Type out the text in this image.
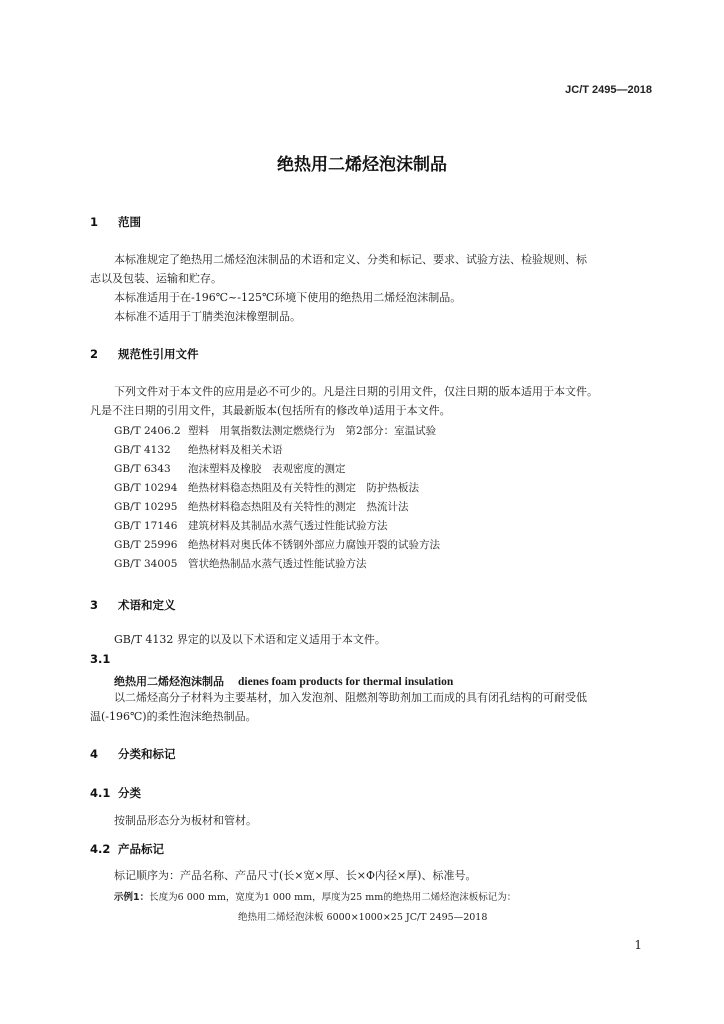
JC/T 2495—2018
绝热用二烯烃泡沫制品
1 范围
本标准规定了绝热用二烯烃泡沫制品的术语和定义、分类和标记、要求、试验方法、检验规则、标
志以及包装、运输和贮存。
本标准适用于在-196℃~-125℃环境下使用的绝热用二烯烃泡沫制品。
本标准不适用于丁腈类泡沫橡塑制品。
2 规范性引用文件
下列文件对于本文件的应用是必不可少的。凡是注日期的引用文件，仅注日期的版本适用于本文件。
凡是不注日期的引用文件，其最新版本(包括所有的修改单)适用于本文件。
GB/T 2406.2 塑料　用氧指数法测定燃烧行为　第2部分：室温试验
GB/T 4132 绝热材料及相关术语
GB/T 6343 泡沫塑料及橡胶　表观密度的测定
GB/T 10294 绝热材料稳态热阻及有关特性的测定　防护热板法
GB/T 10295 绝热材料稳态热阻及有关特性的测定　热流计法
GB/T 17146 建筑材料及其制品水蒸气透过性能试验方法
GB/T 25996 绝热材料对奥氏体不锈钢外部应力腐蚀开裂的试验方法
GB/T 34005 管状绝热制品水蒸气透过性能试验方法
3 术语和定义
GB/T 4132 界定的以及以下术语和定义适用于本文件。
3.1
绝热用二烯烃泡沫制品 dienes foam products for thermal insulation
以二烯烃高分子材料为主要基材，加入发泡剂、阻燃剂等助剂加工而成的具有闭孔结构的可耐受低
温(-196℃)的柔性泡沫绝热制品。
4 分类和标记
4.1 分类
按制品形态分为板材和管材。
4.2 产品标记
标记顺序为：产品名称、产品尺寸(长×宽×厚、长×Φ内径×厚)、标准号。
示例1：长度为6 000 mm，宽度为1 000 mm，厚度为25 mm的绝热用二烯烃泡沫板标记为：
绝热用二烯烃泡沫板 6000×1000×25 JC/T 2495—2018
1
